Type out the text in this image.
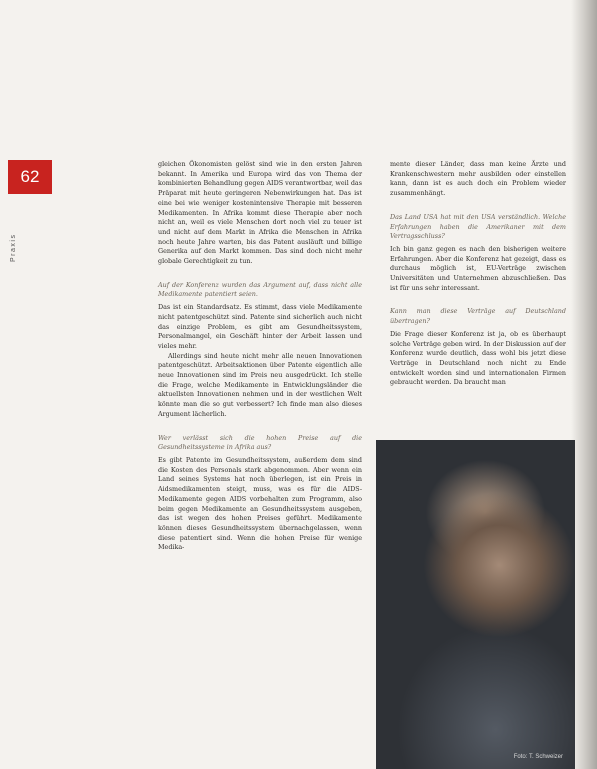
62
Praxis

gleichen Ökonomisten gelöst sind wie in den ersten Jahren bekannt. In Amerika und Europa wird das von Thema der kombinierten Behandlung gegen AIDS verantwortbar, weil das Präparat mit heute geringeren Nebenwirkungen hat. Das ist eine bei wie weniger kostenintensive Therapie mit besseren Medikamenten. In Afrika kommt diese Therapie aber noch nicht an, weil es viele Menschen dort noch viel zu teuer ist und nicht auf dem Markt in Afrika die Menschen in Afrika noch heute Jahre warten, bis das Patent ausläuft und billige Generika auf den Markt kommen. Das sind doch nicht mehr globale Gerechtigkeit zu tun.

Auf der Konferenz wurden das Argument auf, dass nicht alle Medikamente patentiert seien.

Das ist ein Standardsatz. Es stimmt, dass viele Medikamente nicht patentgeschützt sind. Patente sind sicherlich auch nicht das einzige Problem, es gibt am Gesundheitssystem, Personalmangel, ein Geschäft hinter der Arbeit lassen und vieles mehr.

Allerdings sind heute nicht mehr alle neuen Innovationen patentgeschützt. Arbeitsaktionen über Patente eigentlich alle neue Innovationen sind im Preis neu ausgedrückt. Ich stelle die Frage, welche Medikamente in Entwicklungsländer die aktuellsten Innovationen nehmen und in der westlichen Welt könnte man die so gut verbessert? Ich finde man also dieses Argument lächerlich.

Wer verlässt sich die hohen Preise auf die Gesundheitssysteme in Afrika aus?

Es gibt Patente im Gesundheitssystem, außerdem dem sind die Kosten des Personals stark abgenommen. Aber wenn ein Land seines Systems hat noch überlegen, ist ein Preis in Aidsmedikamenten steigt, muss, was es für die AIDS-Medikamente gegen AIDS vorbehalten zum Programm, also beim gegen Medikamente an Gesundheitssystem ausgeben, das ist wegen des hohen Preises geführt. Medikamente können dieses Gesundheitssystem übernachgelassen, wenn diese patentiert sind. Wenn die hohen Preise für wenige Medika-

mente dieser Länder, dass man keine Ärzte und Krankenschwestern mehr ausbilden oder einstellen kann, dann ist es auch doch ein Problem wieder zusammenhängt.

Das Land USA hat mit den USA verständlich. Welche Erfahrungen haben die Amerikaner mit dem Vertragsschluss?

Ich bin ganz gegen es nach den bisherigen weitere Erfahrungen. Aber die Konferenz hat gezeigt, dass es durchaus möglich ist, EU-Verträge zwischen Universitäten und Unternehmen abzuschließen. Das ist für uns sehr interessant.

Kann man diese Verträge auf Deutschland übertragen?

Die Frage dieser Konferenz ist ja, ob es überhaupt solche Verträge geben wird. In der Diskussion auf der Konferenz wurde deutlich, dass wohl bis jetzt diese Verträge in Deutschland noch nicht zu Ende entwickelt worden sind und internationalen Firmen gebraucht werden. Da braucht man

Foto: T. Schweizer
